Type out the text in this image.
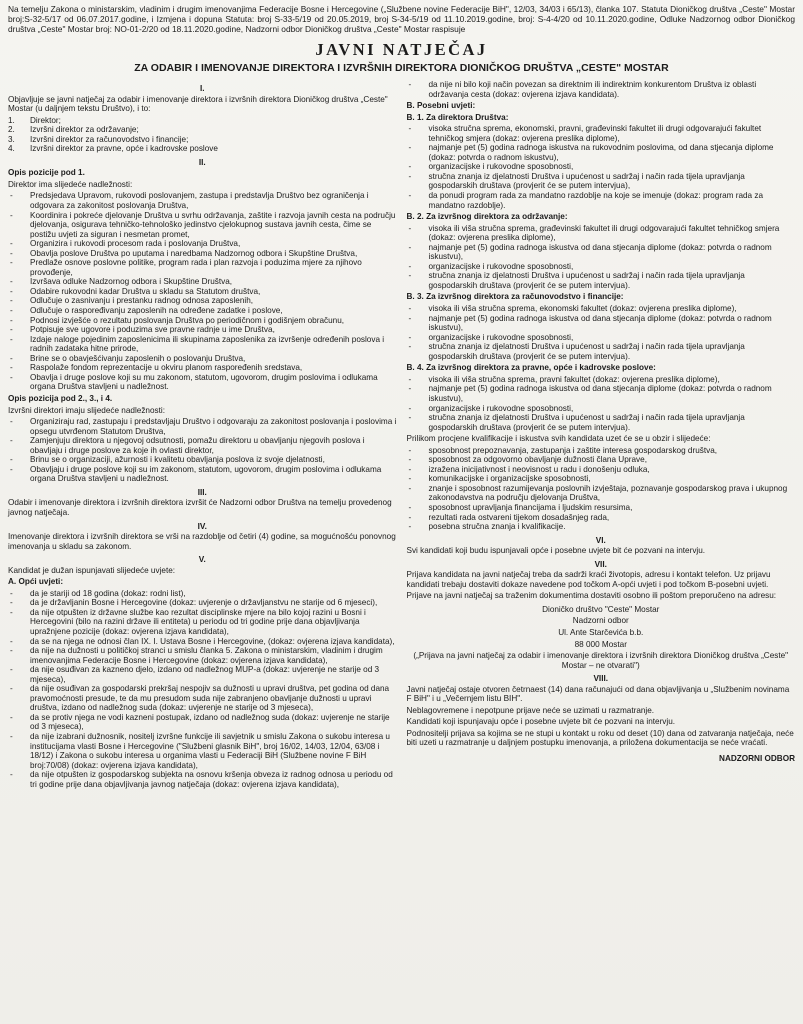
Na temelju Zakona o ministarskim, vladinim i drugim imenovanjima Federacije Bosne i Hercegovine („Službene novine Federacije BiH", 12/03, 34/03 i 65/13), članka 107. Statuta Dioničkog društva „Ceste" Mostar broj:S-32-5/17 od 06.07.2017.godine, i Izmjena i dopuna Statuta: broj S-33-5/19 od 20.05.2019, broj S-34-5/19 od 11.10.2019.godine, broj: S-4-4/20 od 10.11.2020.godine, Odluke Nadzornog odbor Dioničkog društva „Ceste" Mostar broj: NO-01-2/20 od 18.11.2020.godine, Nadzorni odbor Dioničkog društva „Ceste" Mostar raspisuje

JAVNI NATJEČAJ
ZA ODABIR I IMENOVANJE DIREKTORA I IZVRŠNIH DIREKTORA DIONIČKOG DRUŠTVA „CESTE" MOSTAR
I.

Objavljuje se javni natječaj za odabir i imenovanje direktora i izvršnih direktora Dioničkog društva „Ceste" Mostar (u daljnjem tekstu Društvo), i to:

1. Direktor;
2. Izvršni direktor za održavanje;
3. Izvršni direktor za računovodstvo i financije;
4. Izvršni direktor za pravne, opće i kadrovske poslove
II.

Opis pozicije pod 1.

Direktor ima slijedeće nadležnosti:

- Predsjedava Upravom, rukovodi poslovanjem, zastupa i predstavlja Društvo bez ograničenja i odgovara za zakonitost poslovanja Društva,
- Koordinira i pokreće djelovanje Društva u svrhu održavanja, zaštite i razvoja javnih cesta na području djelovanja, osigurava tehničko-tehnološko jedinstvo cjelokupnog sustava javnih cesta, čime se postižu uvjeti za siguran i nesmetan promet,
- Organizira i rukovodi procesom rada i poslovanja Društva,
- Obavlja poslove Društva po uputama i naredbama Nadzornog odbora i Skupštine Društva,
- Predlaže osnove poslovne politike, program rada i plan razvoja i poduzima mjere za njihovo provođenje,
- Izvršava odluke Nadzornog odbora i Skupštine Društva,
- Odabire rukovodni kadar Društva u skladu sa Statutom društva,
- Odlučuje o zasnivanju i prestanku radnog odnosa zaposlenih,
- Odlučuje o raspoređivanju zaposlenih na određene zadatke i poslove,
- Podnosi izvješće o rezultatu poslovanja Društva po periodičnom i godišnjem obračunu,
- Potpisuje sve ugovore i poduzima sve pravne radnje u ime Društva,
- Izdaje naloge pojedinim zaposlenicima ili skupinama zaposlenika za izvršenje određenih poslova i radnih zadataka hitne prirode,
- Brine se o obavješćivanju zaposlenih o poslovanju Društva,
- Raspolaže fondom reprezentacije u okviru planom raspoređenih sredstava,
- Obavlja i druge poslove koji su mu zakonom, statutom, ugovorom, drugim poslovima i odlukama organa Društva stavljeni u nadležnost.

Opis pozicija pod 2., 3., i 4.

Izvršni direktori imaju slijedeće nadležnosti:

- Organiziraju rad, zastupaju i predstavljaju Društvo i odgovaraju za zakonitost poslovanja i poslovima i opsegu utvrđenom Statutom Društva,
- Zamjenjuju direktora u njegovoj odsutnosti, pomažu direktoru u obavljanju njegovih poslova i obavljaju i druge poslove za koje ih ovlasti direktor,
- Brinu se o organizaciji, ažurnosti i kvalitetu obavljanja poslova iz svoje djelatnosti,
- Obavljaju i druge poslove koji su im zakonom, statutom, ugovorom, drugim poslovima i odlukama organa Društva stavljeni u nadležnost.
III.

Odabir i imenovanje direktora i izvršnih direktora izvršit će Nadzorni odbor Društva na temelju provedenog javnog natječaja.

IV.

Imenovanje direktora i izvršnih direktora se vrši na razdoblje od četiri (4) godine, sa mogućnošću ponovnog imenovanja u skladu sa zakonom.

V.

Kandidat je dužan ispunjavati slijedeće uvjete:

A. Opći uvjeti:

- da je stariji od 18 godina (dokaz: rodni list),
- da je državljanin Bosne i Hercegovine (dokaz: uvjerenje o državljanstvu ne starije od 6 mjeseci),
- da nije otpušten iz državne službe kao rezultat disciplinske mjere na bilo kojoj razini u Bosni i Hercegovini (bilo na razini države ili entiteta) u periodu od tri godine prije dana objavljivanja upražnjene pozicije (dokaz: ovjerena izjava kandidata),
- da se na njega ne odnosi član IX. I. Ustava Bosne i Hercegovine, (dokaz: ovjerena izjava kandidata),
- da nije na dužnosti u političkoj stranci u smislu članka 5. Zakona o ministarskim, vladinim i drugim imenovanjima Federacije Bosne i Hercegovine (dokaz: ovjerena izjava kandidata),
- da nije osuđivan za kazneno djelo, izdano od nadležnog MUP-a (dokaz: uvjerenje ne starije od 3 mjeseca),
- da nije osuđivan za gospodarski prekršaj nespojiv sa dužnosti u upravi društva, pet godina od dana pravomoćnosti presude, te da mu presudom suda nije zabranjeno obavljanje dužnosti u upravi društva, izdano od nadležnog suda (dokaz: uvjerenje ne starije od 3 mjeseca),
- da se protiv njega ne vodi kazneni postupak, izdano od nadležnog suda (dokaz: uvjerenje ne starije od 3 mjeseca),
- da nije izabrani dužnosnik, nositelj izvršne funkcije ili savjetnik u smislu Zakona o sukobu interesa u institucijama vlasti Bosne i Hercegovine ("Službeni glasnik BiH", broj 16/02, 14/03, 12/04, 63/08 i 18/12) i Zakona o sukobu interesa u organima vlasti u Federaciji BiH (Službene novine F BiH broj:70/08) (dokaz: ovjerena izjava kandidata),
- da nije otpušten iz gospodarskog subjekta na osnovu kršenja obveza iz radnog odnosa u periodu od tri godine prije dana objavljivanja javnog natječaja (dokaz: ovjerena izjava kandidata),
- da nije ni bilo koji način povezan sa direktnim ili indirektnim konkurentom Društva iz oblasti održavanja cesta (dokaz: ovjerena izjava kandidata).

B. Posebni uvjeti:

B. 1. Za direktora Društva:

- visoka stručna sprema, ekonomski, pravni, građevinski fakultet ili drugi odgovarajući fakultet tehničkog smjera (dokaz: ovjerena preslika diplome),
- najmanje pet (5) godina radnoga iskustva na rukovodnim poslovima, od dana stjecanja diplome (dokaz: potvrda o radnom iskustvu),
- organizacijske i rukovodne sposobnosti,
- stručna znanja iz djelatnosti Društva i upućenost u sadržaj i način rada tijela upravljanja gospodarskih društava (provjerit će se putem intervjua),
- da ponudi program rada za mandatno razdoblje na koje se imenuje (dokaz: program rada za mandatno razdoblje).

B. 2. Za izvršnog direktora za održavanje:

- visoka ili viša stručna sprema, građevinski fakultet ili drugi odgovarajući fakultet tehničkog smjera (dokaz: ovjerena preslika diplome),
- najmanje pet (5) godina radnoga iskustva od dana stjecanja diplome (dokaz: potvrda o radnom iskustvu),
- organizacijske i rukovodne sposobnosti,
- stručna znanja iz djelatnosti Društva i upućenost u sadržaj i način rada tijela upravljanja gospodarskih društava (provjerit će se putem intervjua).

B. 3. Za izvršnog direktora za računovodstvo i financije:

- visoka ili viša stručna sprema, ekonomski fakultet (dokaz: ovjerena preslika diplome),
- najmanje pet (5) godina radnoga iskustva od dana stjecanja diplome (dokaz: potvrda o radnom iskustvu),
- organizacijske i rukovodne sposobnosti,
- stručna znanja iz djelatnosti Društva i upućenost u sadržaj i način rada tijela upravljanja gospodarskih društava (provjerit će se putem intervjua).

B. 4. Za izvršnog direktora za pravne, opće i kadrovske poslove:

- visoka ili viša stručna sprema, pravni fakultet (dokaz: ovjerena preslika diplome),
- najmanje pet (5) godina radnoga iskustva od dana stjecanja diplome (dokaz: potvrda o radnom iskustvu),
- organizacijske i rukovodne sposobnosti,
- stručna znanja iz djelatnosti Društva i upućenost u sadržaj i način rada tijela upravljanja gospodarskih društava (provjerit će se putem intervjua).

Prilikom procjene kvalifikacije i iskustva svih kandidata uzet će se u obzir i slijedeće:

- sposobnost prepoznavanja, zastupanja i zaštite interesa gospodarskog društva,
- sposobnost za odgovorno obavljanje dužnosti člana Uprave,
- izražena inicijativnost i neovisnost u radu i donošenju odluka,
- komunikacijske i organizacijske sposobnosti,
- znanje i sposobnost razumijevanja poslovnih izvještaja, poznavanje gospodarskog prava i ukupnog zakonodavstva na području djelovanja Društva,
- sposobnost upravljanja financijama i ljudskim resursima,
- rezultati rada ostvareni tijekom dosadašnjeg rada,
- posebna stručna znanja i kvalifikacije.
VI.

Svi kandidati koji budu ispunjavali opće i posebne uvjete bit će pozvani na intervju.

VII.

Prijava kandidata na javni natječaj treba da sadrži kraći životopis, adresu i kontakt telefon. Uz prijavu kandidati trebaju dostaviti dokaze navedene pod točkom A-opći uvjeti i pod točkom B-posebni uvjeti.

Prijave na javni natječaj sa traženim dokumentima dostaviti osobno ili poštom preporučeno na adresu:

Dioničko društvo "Ceste" Mostar

Nadzorni odbor

Ul. Ante Starčevića b.b.

88 000 Mostar

(„Prijava na javni natječaj za odabir i imenovanje direktora i izvršnih direktora Dioničkog društva „Ceste" Mostar – ne otvarati")

VIII.

Javni natječaj ostaje otvoren četrnaest (14) dana računajući od dana objavljivanja u „Službenim novinama F BiH" i u „Večernjem listu BIH".

Neblagovremene i nepotpune prijave neće se uzimati u razmatranje.

Kandidati koji ispunjavaju opće i posebne uvjete bit će pozvani na intervju.

Podnositelji prijava sa kojima se ne stupi u kontakt u roku od deset (10) dana od zatvaranja natječaja, neće biti uzeti u razmatranje u daljnjem postupku imenovanja, a priložena dokumentacija se neće vraćati.

NADZORNI ODBOR
